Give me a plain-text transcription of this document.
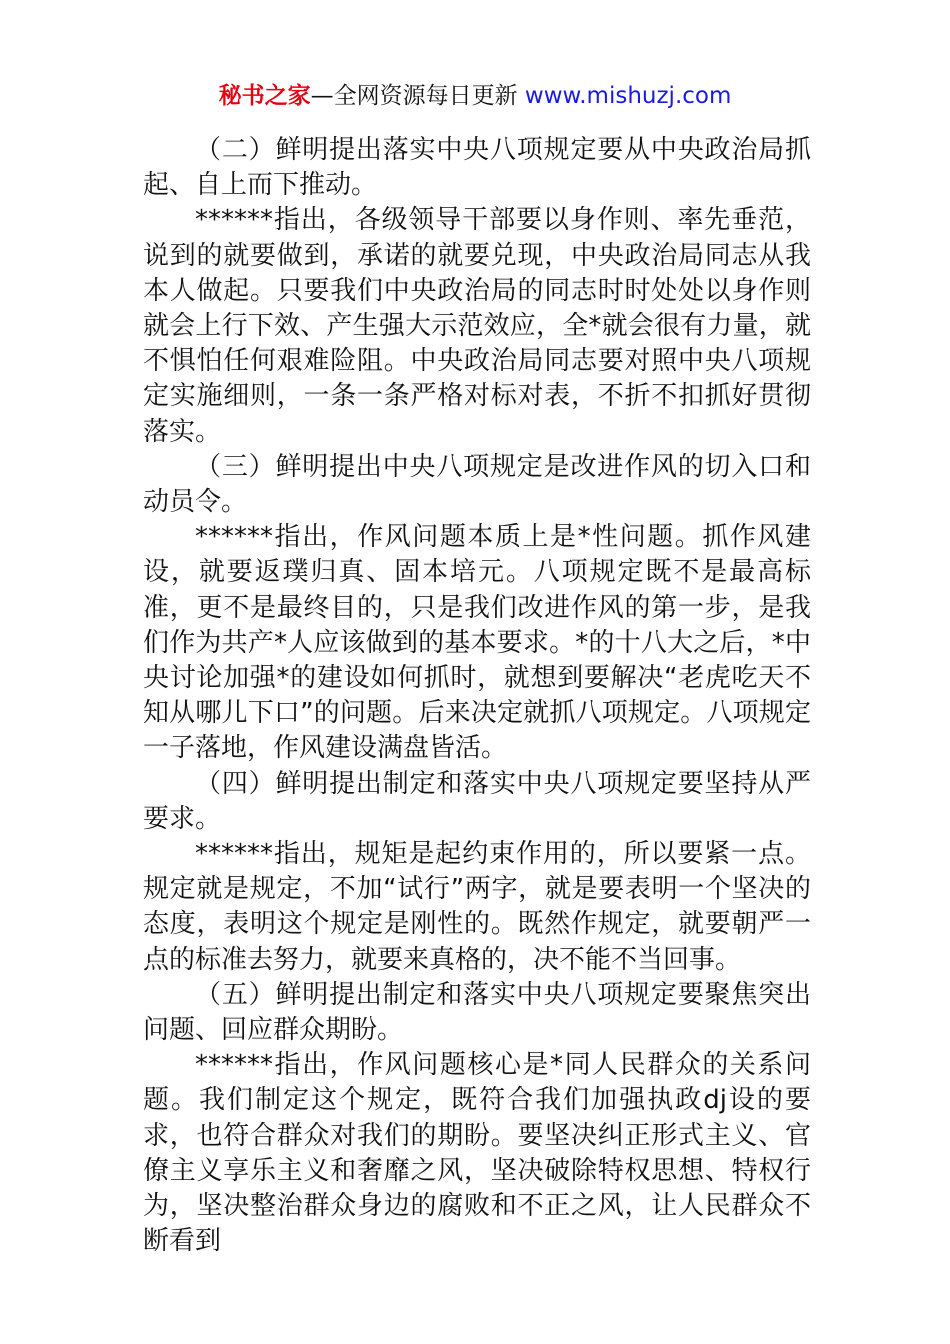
秘书之家—全网资源每日更新 www.mishuzj.com

（二）鲜明提出落实中央八项规定要从中央政治局抓起、自上而下推动。

******指出，各级领导干部要以身作则、率先垂范，说到的就要做到，承诺的就要兑现，中央政治局同志从我本人做起。只要我们中央政治局的同志时时处处以身作则就会上行下效、产生强大示范效应，全*就会很有力量，就不惧怕任何艰难险阻。中央政治局同志要对照中央八项规定实施细则，一条一条严格对标对表，不折不扣抓好贯彻落实。

（三）鲜明提出中央八项规定是改进作风的切入口和动员令。

******指出，作风问题本质上是*性问题。抓作风建设，就要返璞归真、固本培元。八项规定既不是最高标准，更不是最终目的，只是我们改进作风的第一步，是我们作为共产*人应该做到的基本要求。*的十八大之后，*中央讨论加强*的建设如何抓时，就想到要解决“老虎吃天不知从哪儿下口”的问题。后来决定就抓八项规定。八项规定一子落地，作风建设满盘皆活。

（四）鲜明提出制定和落实中央八项规定要坚持从严要求。

******指出，规矩是起约束作用的，所以要紧一点。规定就是规定，不加“试行”两字，就是要表明一个坚决的态度，表明这个规定是刚性的。既然作规定，就要朝严一点的标准去努力，就要来真格的，决不能不当回事。

（五）鲜明提出制定和落实中央八项规定要聚焦突出问题、回应群众期盼。

******指出，作风问题核心是*同人民群众的关系问题。我们制定这个规定，既符合我们加强执政dj设的要求，也符合群众对我们的期盼。要坚决纠正形式主义、官僚主义享乐主义和奢靡之风，坚决破除特权思想、特权行为，坚决整治群众身边的腐败和不正之风，让人民群众不断看到
